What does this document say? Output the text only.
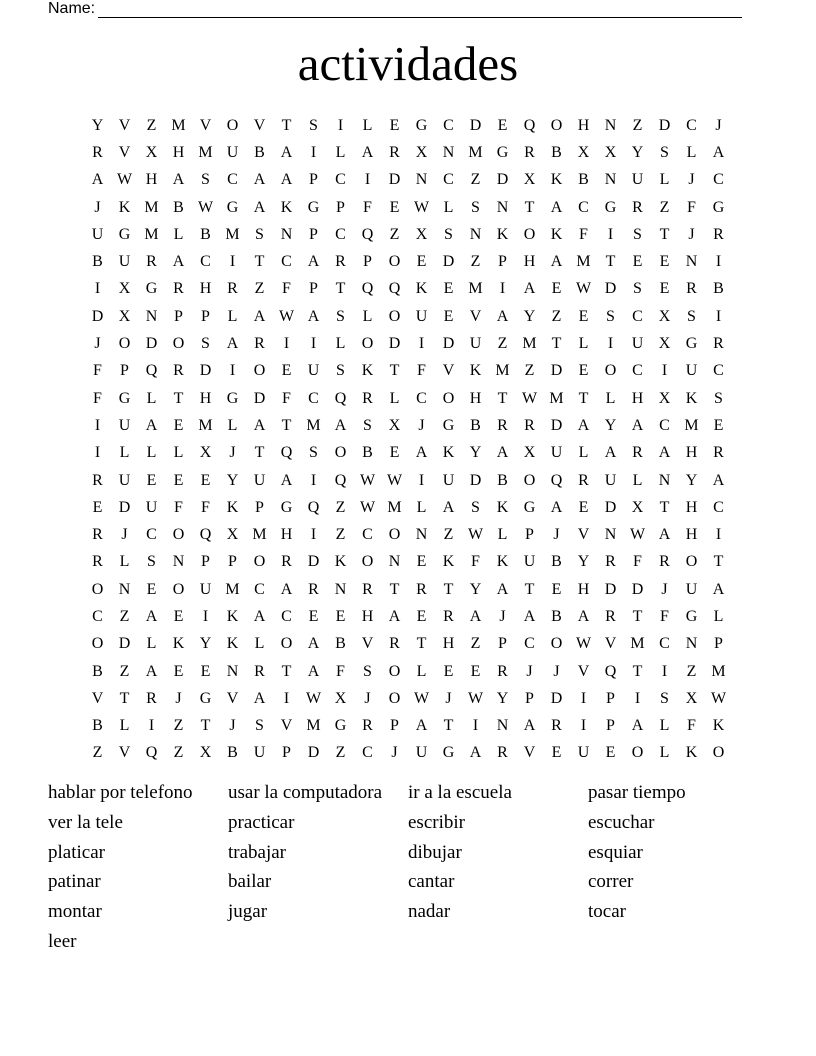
Name:
actividades
Y V	Z M V O V	T	S	I	L	E	G C D	E	Q O H N	Z	D C	J
R V X H M U B A	I	L	A R X N M G R	B X X Y	S	L	A
A W H A	S	C A A	P	C	I	D N C	Z	D X K B N U	L	J	C
J	K M B W G A K G	P	F	E W L	S	N	T	A C G R	Z	F	G
U G M L	B M S	N	P	C Q	Z	X	S	N K O K	F	I	S	T	J	R
B U R A C	I	T	C A R	P	O	E	D	Z	P	H A M T	E	E	N	I
I	X G R H R	Z	F	P	T	Q Q K	E M	I	A	E W D	S	E	R	B
D X N	P	P	L	A W A	S	L	O U	E	V A Y	Z	E	S	C X	S	I
J	O D O	S	A R	I	I	L	O D	I	D U	Z M T	L	I	U X G R
F	P	Q R D	I	O	E	U	S	K	T	F	V K M Z	D	E	O C	I	U C
F	G	L	T	H G D	F	C Q R	L	C O H	T W M T	L	H X K	S
I	U A	E M L	A	T M A	S	X	J	G B	R	R D A Y A C M E
I	L	L	L	X	J	T	Q	S	O B	E	A K Y A X U	L	A R A H R
R U	E	E	E	Y U A	I	Q W W	I	U D B O Q R U	L	N Y A
E	D U	F	F	K	P	G Q	Z W M L	A	S	K G A	E	D X	T	H C
R	J	C O Q X M H	I	Z	C O N	Z W L	P	J	V N W A H	I
R	L	S	N	P	P	O R D K O N	E	K	F	K U B Y R	F	R O	T
O N	E	O U M C A R N R	T	R	T	Y A	T	E	H D D	J	U A
C	Z	A	E	I	K A C	E	E	H A	E	R A	J	A B A R	T	F	G	L
O D	L	K Y K	L	O A B V R	T	H	Z	P	C O W V M C N	P
B	Z	A	E	E	N R	T	A	F	S	O	L	E	E	R	J	J	V Q	T	I	Z M
V	T	R	J	G V A	I	W X	J	O W	J	W Y	P	D	I	P	I	S	X W
B	L	I	Z	T	J	S	V M G R	P	A	T	I	N A R	I	P	A	L	F	K
Z	V Q	Z	X B U	P	D	Z	C	J	U G A R V	E	U	E	O	L	K O
hablar por telefono	usar la computadora	ir a la escuela	pasar tiempo
ver la tele	practicar	escribir	escuchar
platicar	trabajar	dibujar	esquiar
patinar	bailar	cantar	correr
montar	jugar	nadar	tocar
leer
